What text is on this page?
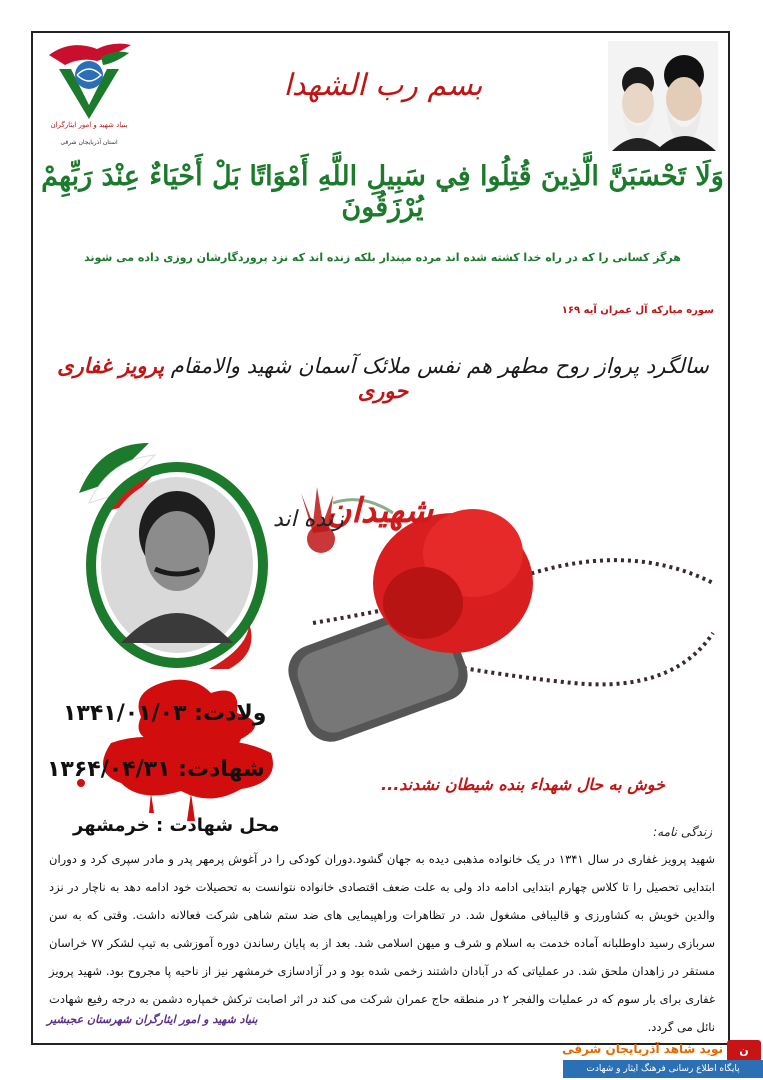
بنیاد شهید و امور ایثارگران
استان آذربایجان شرقی
بسم رب الشهدا
وَلَا تَحْسَبَنَّ الَّذِينَ قُتِلُوا فِي سَبِيلِ اللَّهِ أَمْوَاتًا بَلْ أَحْيَاءٌ عِنْدَ رَبِّهِمْ يُرْزَقُونَ
هرگز کسانی را که در راه خدا کشته شده اند مرده مپندار بلکه زنده اند که نزد پروردگارشان روزی داده می شوند
سوره مبارکه آل عمران آیه ۱۶۹
سالگرد پرواز روح مطهر هم نفس ملائک آسمان شهید والامقام پرویز غفاری حوری
شهیدان
زنده اند
۱۳۴۱/۰۱/۰۳ ولادت:
۱۳۶۴/۰۴/۳۱ شهادت:
محل شهادت : خرمشهر
خوش به حال شهداء بنده شیطان نشدند...
زندگی نامه:
شهید پرویز غفاری در سال ۱۳۴۱ در یک خانواده مذهبی دیده به جهان گشود.دوران کودکی را در آغوش پرمهر پدر و مادر سپری کرد و دوران ابتدایی تحصیل را تا کلاس چهارم ابتدایی ادامه داد ولی به علت ضعف اقتصادی خانواده نتوانست به تحصیلات خود ادامه دهد به ناچار در نزد والدین خویش به کشاورزی و قالیبافی مشغول شد. در تظاهرات وراهپیمایی های ضد ستم شاهی شرکت فعالانه داشت. وقتی که به سن سربازی رسید داوطلبانه آماده خدمت به اسلام و شرف و میهن اسلامی شد. بعد از به پایان رساندن دوره آموزشی به تیپ لشکر ۷۷ خراسان مستقر در زاهدان ملحق شد. در عملیاتی که در آبادان داشتند زخمی شده بود و در آزادسازی خرمشهر نیز از ناحیه پا مجروح بود. شهید پرویز غفاری برای بار سوم که در عملیات والفجر ۲ در منطقه حاج عمران شرکت می کند در اثر اصابت ترکش خمپاره دشمن به درجه رفیع شهادت نائل می گردد.
بنیاد شهید و امور ایثارگران شهرستان عجبشیر
ن
نوید شاهد آذربایجان شرقی
پایگاه اطلاع رسانی فرهنگ ایثار و شهادت
